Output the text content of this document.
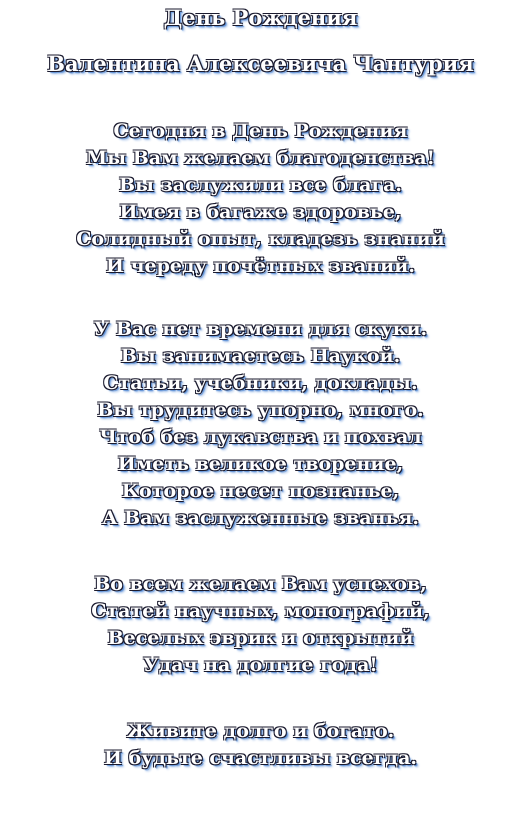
День Рождения
Валентина Алексеевича Чантурия
Сегодня в День Рождения
Мы Вам желаем благоденства!
Вы заслужили все блага.
Имея в багаже здоровье,
Солидный опыт, кладезь знаний
И череду почётных званий.
У Вас нет времени для скуки.
Вы занимаетесь Наукой.
Статьи, учебники, доклады.
Вы трудитесь упорно, много.
Чтоб без лукавства и похвал
Иметь великое творение,
Которое несет познанье,
А Вам заслуженные званья.
Во всем желаем Вам успехов,
Статей научных, монографий,
Веселых эврик и открытий
Удач на долгие года!
Живите долго и богато.
И будьте счастливы всегда.
